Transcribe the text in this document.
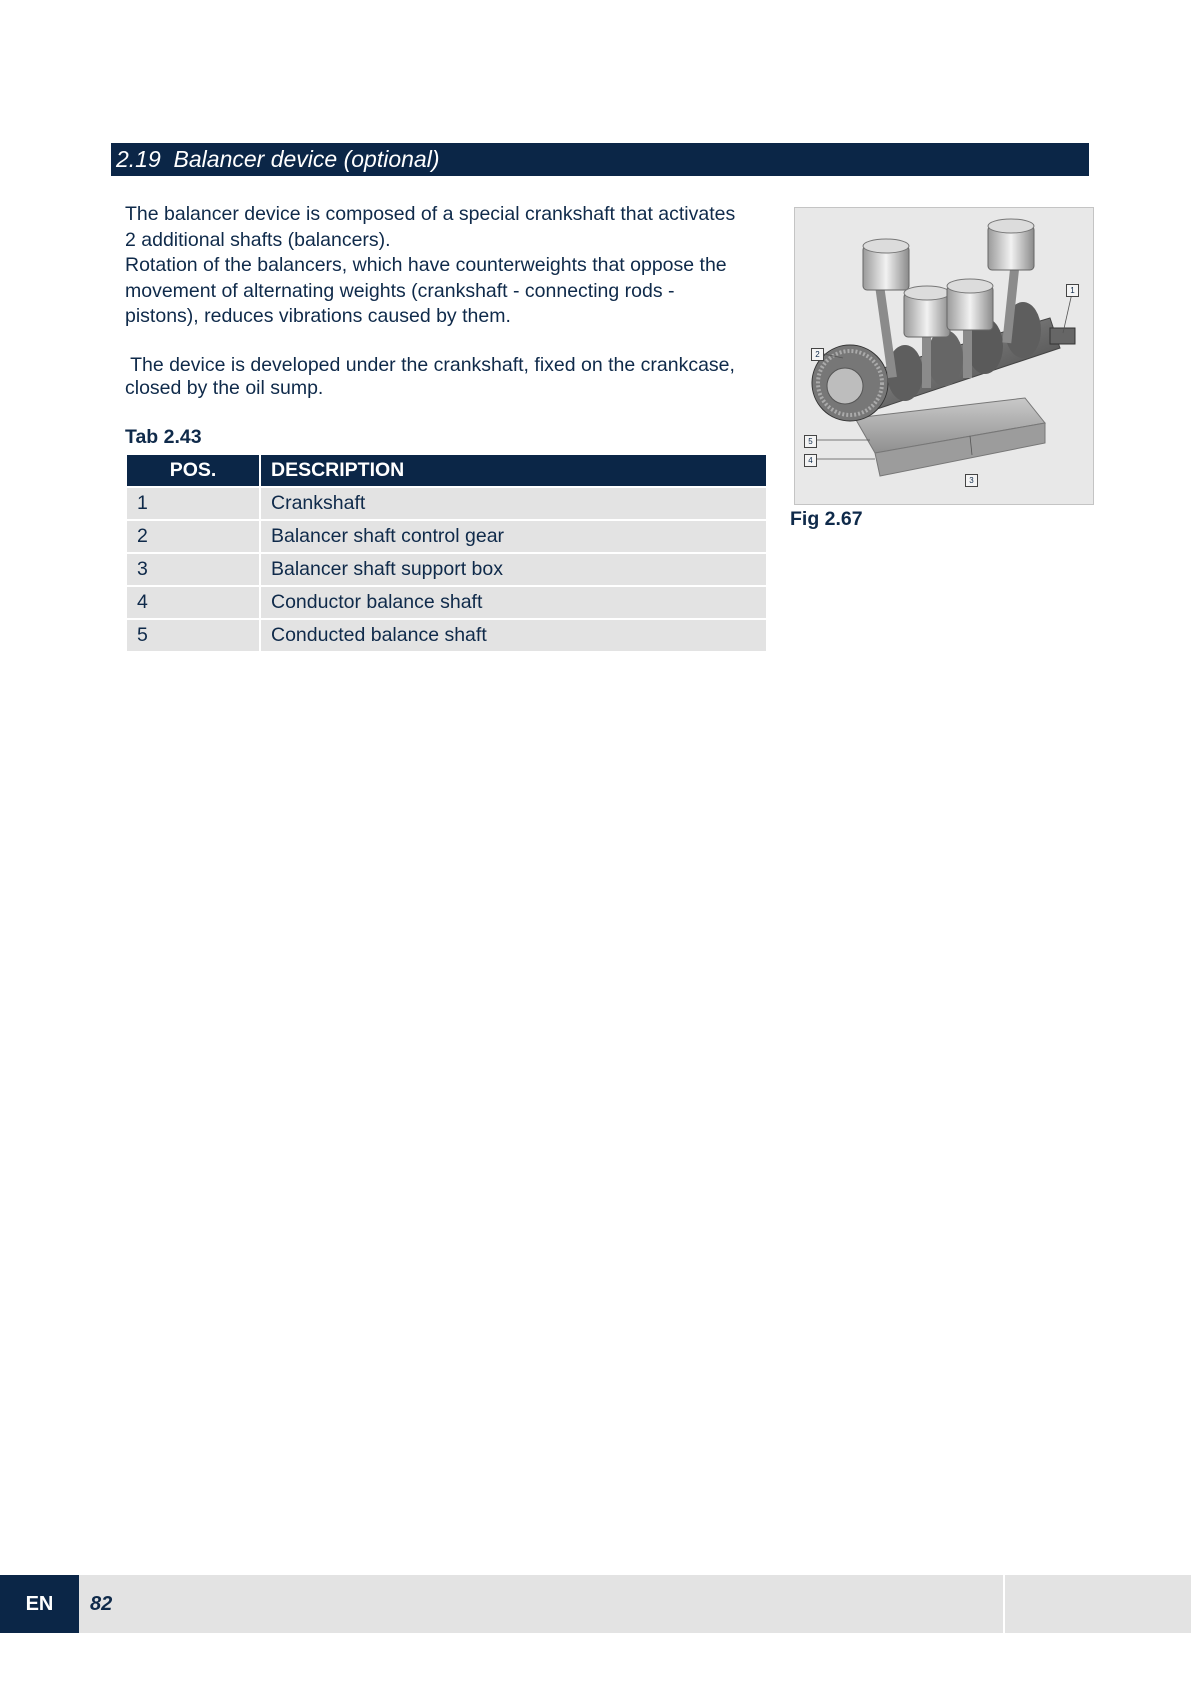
2.19 Balancer device (optional)
The balancer device is composed of a special crankshaft that activates
2 additional shafts (balancers).
Rotation of the balancers, which have counterweights that oppose the
movement of alternating weights (crankshaft - connecting rods -
pistons), reduces vibrations caused by them.
The device is developed under the crankshaft, fixed on the crankcase,
closed by the oil sump.
Tab 2.43
POS.	DESCRIPTION
1	Crankshaft
2	Balancer shaft control gear
3	Balancer shaft support box
4	Conductor balance shaft
5	Conducted balance shaft
1
2
3
4
5
Fig 2.67
EN	82
